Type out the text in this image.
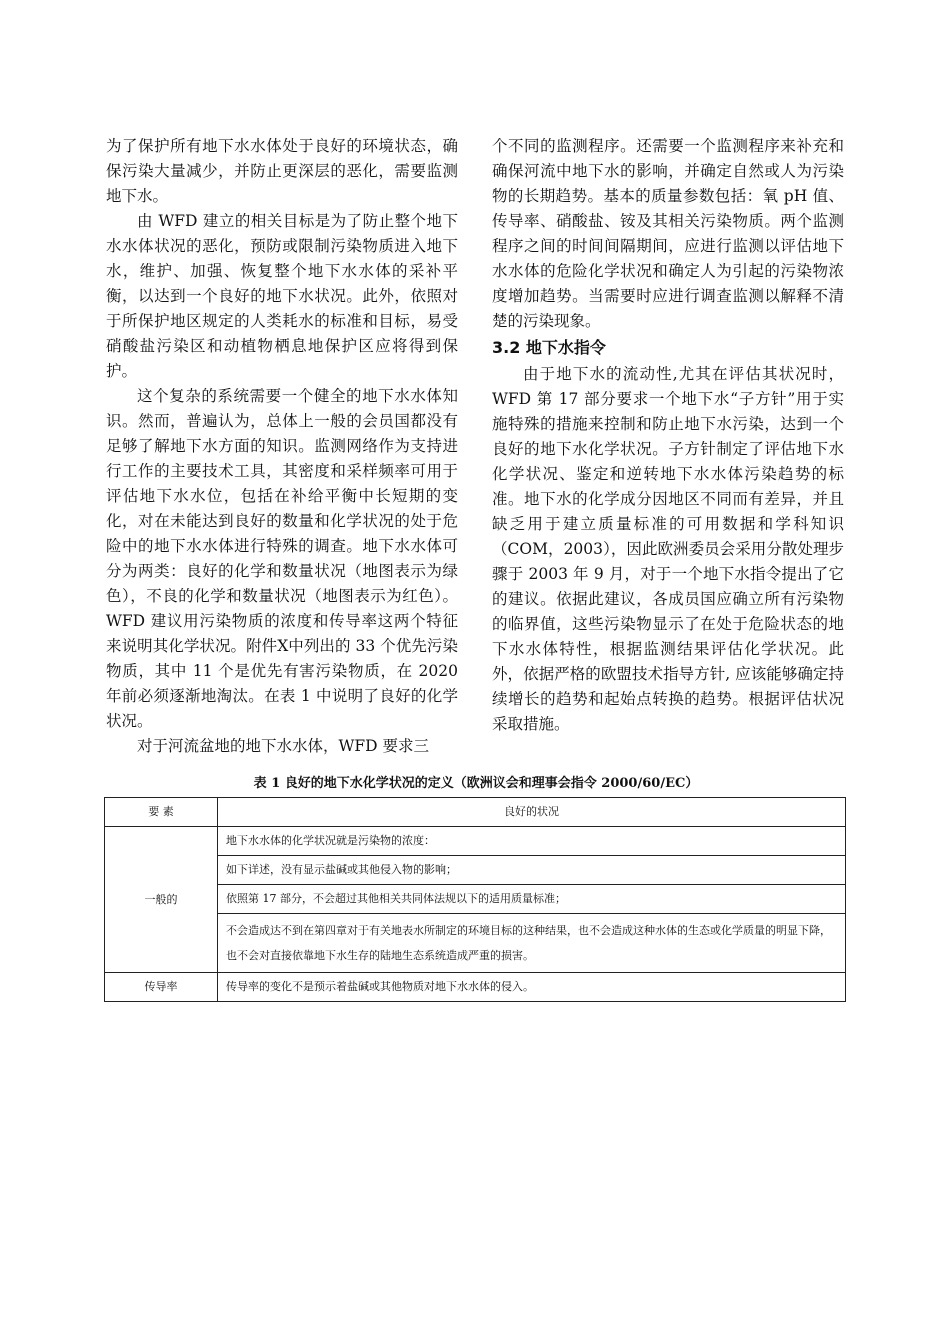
为了保护所有地下水水体处于良好的环境状态，确保污染大量减少，并防止更深层的恶化，需要监测地下水。

由 WFD 建立的相关目标是为了防止整个地下水水体状况的恶化，预防或限制污染物质进入地下水，维护、加强、恢复整个地下水水体的采补平衡，以达到一个良好的地下水状况。此外，依照对于所保护地区规定的人类耗水的标准和目标，易受硝酸盐污染区和动植物栖息地保护区应将得到保护。

这个复杂的系统需要一个健全的地下水水体知识。然而，普遍认为，总体上一般的会员国都没有足够了解地下水方面的知识。监测网络作为支持进行工作的主要技术工具，其密度和采样频率可用于评估地下水水位，包括在补给平衡中长短期的变化，对在未能达到良好的数量和化学状况的处于危险中的地下水水体进行特殊的调查。地下水水体可分为两类：良好的化学和数量状况（地图表示为绿色），不良的化学和数量状况（地图表示为红色）。WFD 建议用污染物质的浓度和传导率这两个特征来说明其化学状况。附件Ⅹ中列出的 33 个优先污染物质，其中 11 个是优先有害污染物质，在 2020 年前必须逐渐地淘汰。在表 1 中说明了良好的化学状况。

对于河流盆地的地下水水体，WFD 要求三

个不同的监测程序。还需要一个监测程序来补充和确保河流中地下水的影响，并确定自然或人为污染物的长期趋势。基本的质量参数包括：氧 pH 值、传导率、硝酸盐、铵及其相关污染物质。两个监测程序之间的时间间隔期间，应进行监测以评估地下水水体的危险化学状况和确定人为引起的污染物浓度增加趋势。当需要时应进行调查监测以解释不清楚的污染现象。

3.2 地下水指令

由于地下水的流动性,尤其在评估其状况时，WFD 第 17 部分要求一个地下水“子方针”用于实施特殊的措施来控制和防止地下水污染，达到一个良好的地下水化学状况。子方针制定了评估地下水化学状况、鉴定和逆转地下水水体污染趋势的标准。地下水的化学成分因地区不同而有差异，并且缺乏用于建立质量标准的可用数据和学科知识（COM，2003），因此欧洲委员会采用分散处理步骤于 2003 年 9 月，对于一个地下水指令提出了它的建议。依据此建议，各成员国应确立所有污染物的临界值，这些污染物显示了在处于危险状态的地下水水体特性，根据监测结果评估化学状况。此外，依据严格的欧盟技术指导方针, 应该能够确定持续增长的趋势和起始点转换的趋势。根据评估状况采取措施。

表 1 良好的地下水化学状况的定义（欧洲议会和理事会指令 2000/60/EC）
要 素	良好的状况
一般的	地下水水体的化学状况就是污染物的浓度：
	如下详述，没有显示盐碱或其他侵入物的影响；
	依照第 17 部分，不会超过其他相关共同体法规以下的适用质量标准；
	不会造成达不到在第四章对于有关地表水所制定的环境目标的这种结果，也不会造成这种水体的生态或化学质量的明显下降，也不会对直接依靠地下水生存的陆地生态系统造成严重的损害。
传导率	传导率的变化不是预示着盐碱或其他物质对地下水水体的侵入。
